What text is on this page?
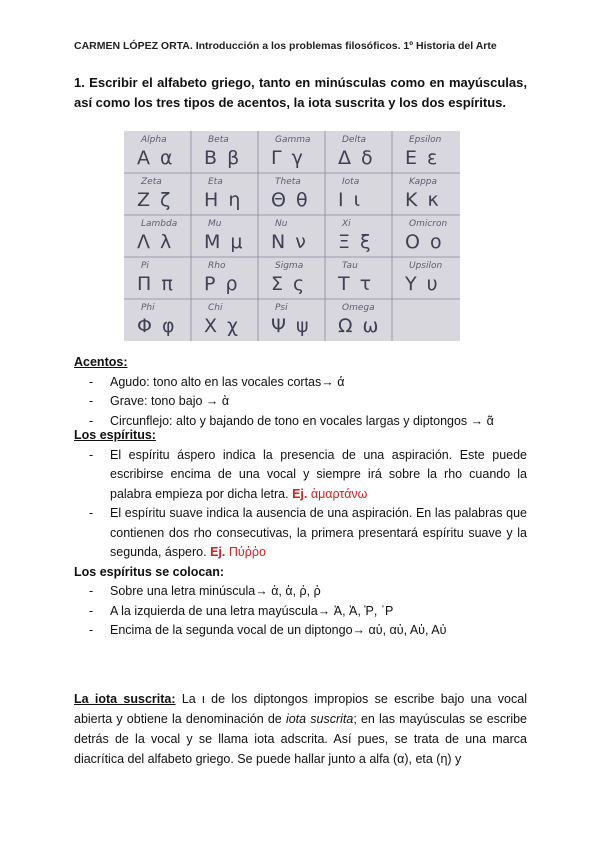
CARMEN LÓPEZ ORTA. Introducción a los problemas filosóficos. 1º Historia del Arte
1. Escribir el alfabeto griego, tanto en minúsculas como en mayúsculas, así como los tres tipos de acentos, la iota suscrita y los dos espíritus.
Alpha
Α α
Beta
Β β
Gamma
Γ γ
Delta
Δ δ
Epsilon
Ε ε
Zeta
Ζ ζ
Eta
Η η
Theta
Θ θ
Iota
Ι ι
Kappa
Κ κ
Lambda
Λ λ
Mu
Μ μ
Nu
Ν ν
Xi
Ξ ξ
Omicron
Ο ο
Pi
Π π
Rho
Ρ ρ
Sigma
Σ ς
Tau
Τ τ
Upsilon
Υ υ
Phi
Φ φ
Chi
Χ χ
Psi
Ψ ψ
Omega
Ω ω
Acentos:
- Agudo: tono alto en las vocales cortas→ ά
- Grave: tono bajo → ὰ
- Circunflejo: alto y bajando de tono en vocales largas y diptongos → ᾶ
Los espíritus:
- El espíritu áspero indica la presencia de una aspiración. Este puede escribirse encima de una vocal y siempre irá sobre la rho cuando la palabra empieza por dicha letra. Ej. ἁμαρτάνω
- El espíritu suave indica la ausencia de una aspiración. En las palabras que contienen dos rho consecutivas, la primera presentará espíritu suave y la segunda, áspero. Ej. Πύῤῥο
Los espíritus se colocan:
- Sobre una letra minúscula→ ἀ, ἁ, ῤ, ῥ
- A la izquierda de una letra mayúscula→ Ἀ, Ἁ, Ῥ, ᾿Ρ
- Encima de la segunda vocal de un diptongo→ αὑ, αὐ, Αὑ, Αὐ
La iota suscrita: La ι de los diptongos impropios se escribe bajo una vocal abierta y obtiene la denominación de iota suscrita; en las mayúsculas se escribe detrás de la vocal y se llama iota adscrita. Así pues, se trata de una marca diacrítica del alfabeto griego. Se puede hallar junto a alfa (α), eta (η) y
